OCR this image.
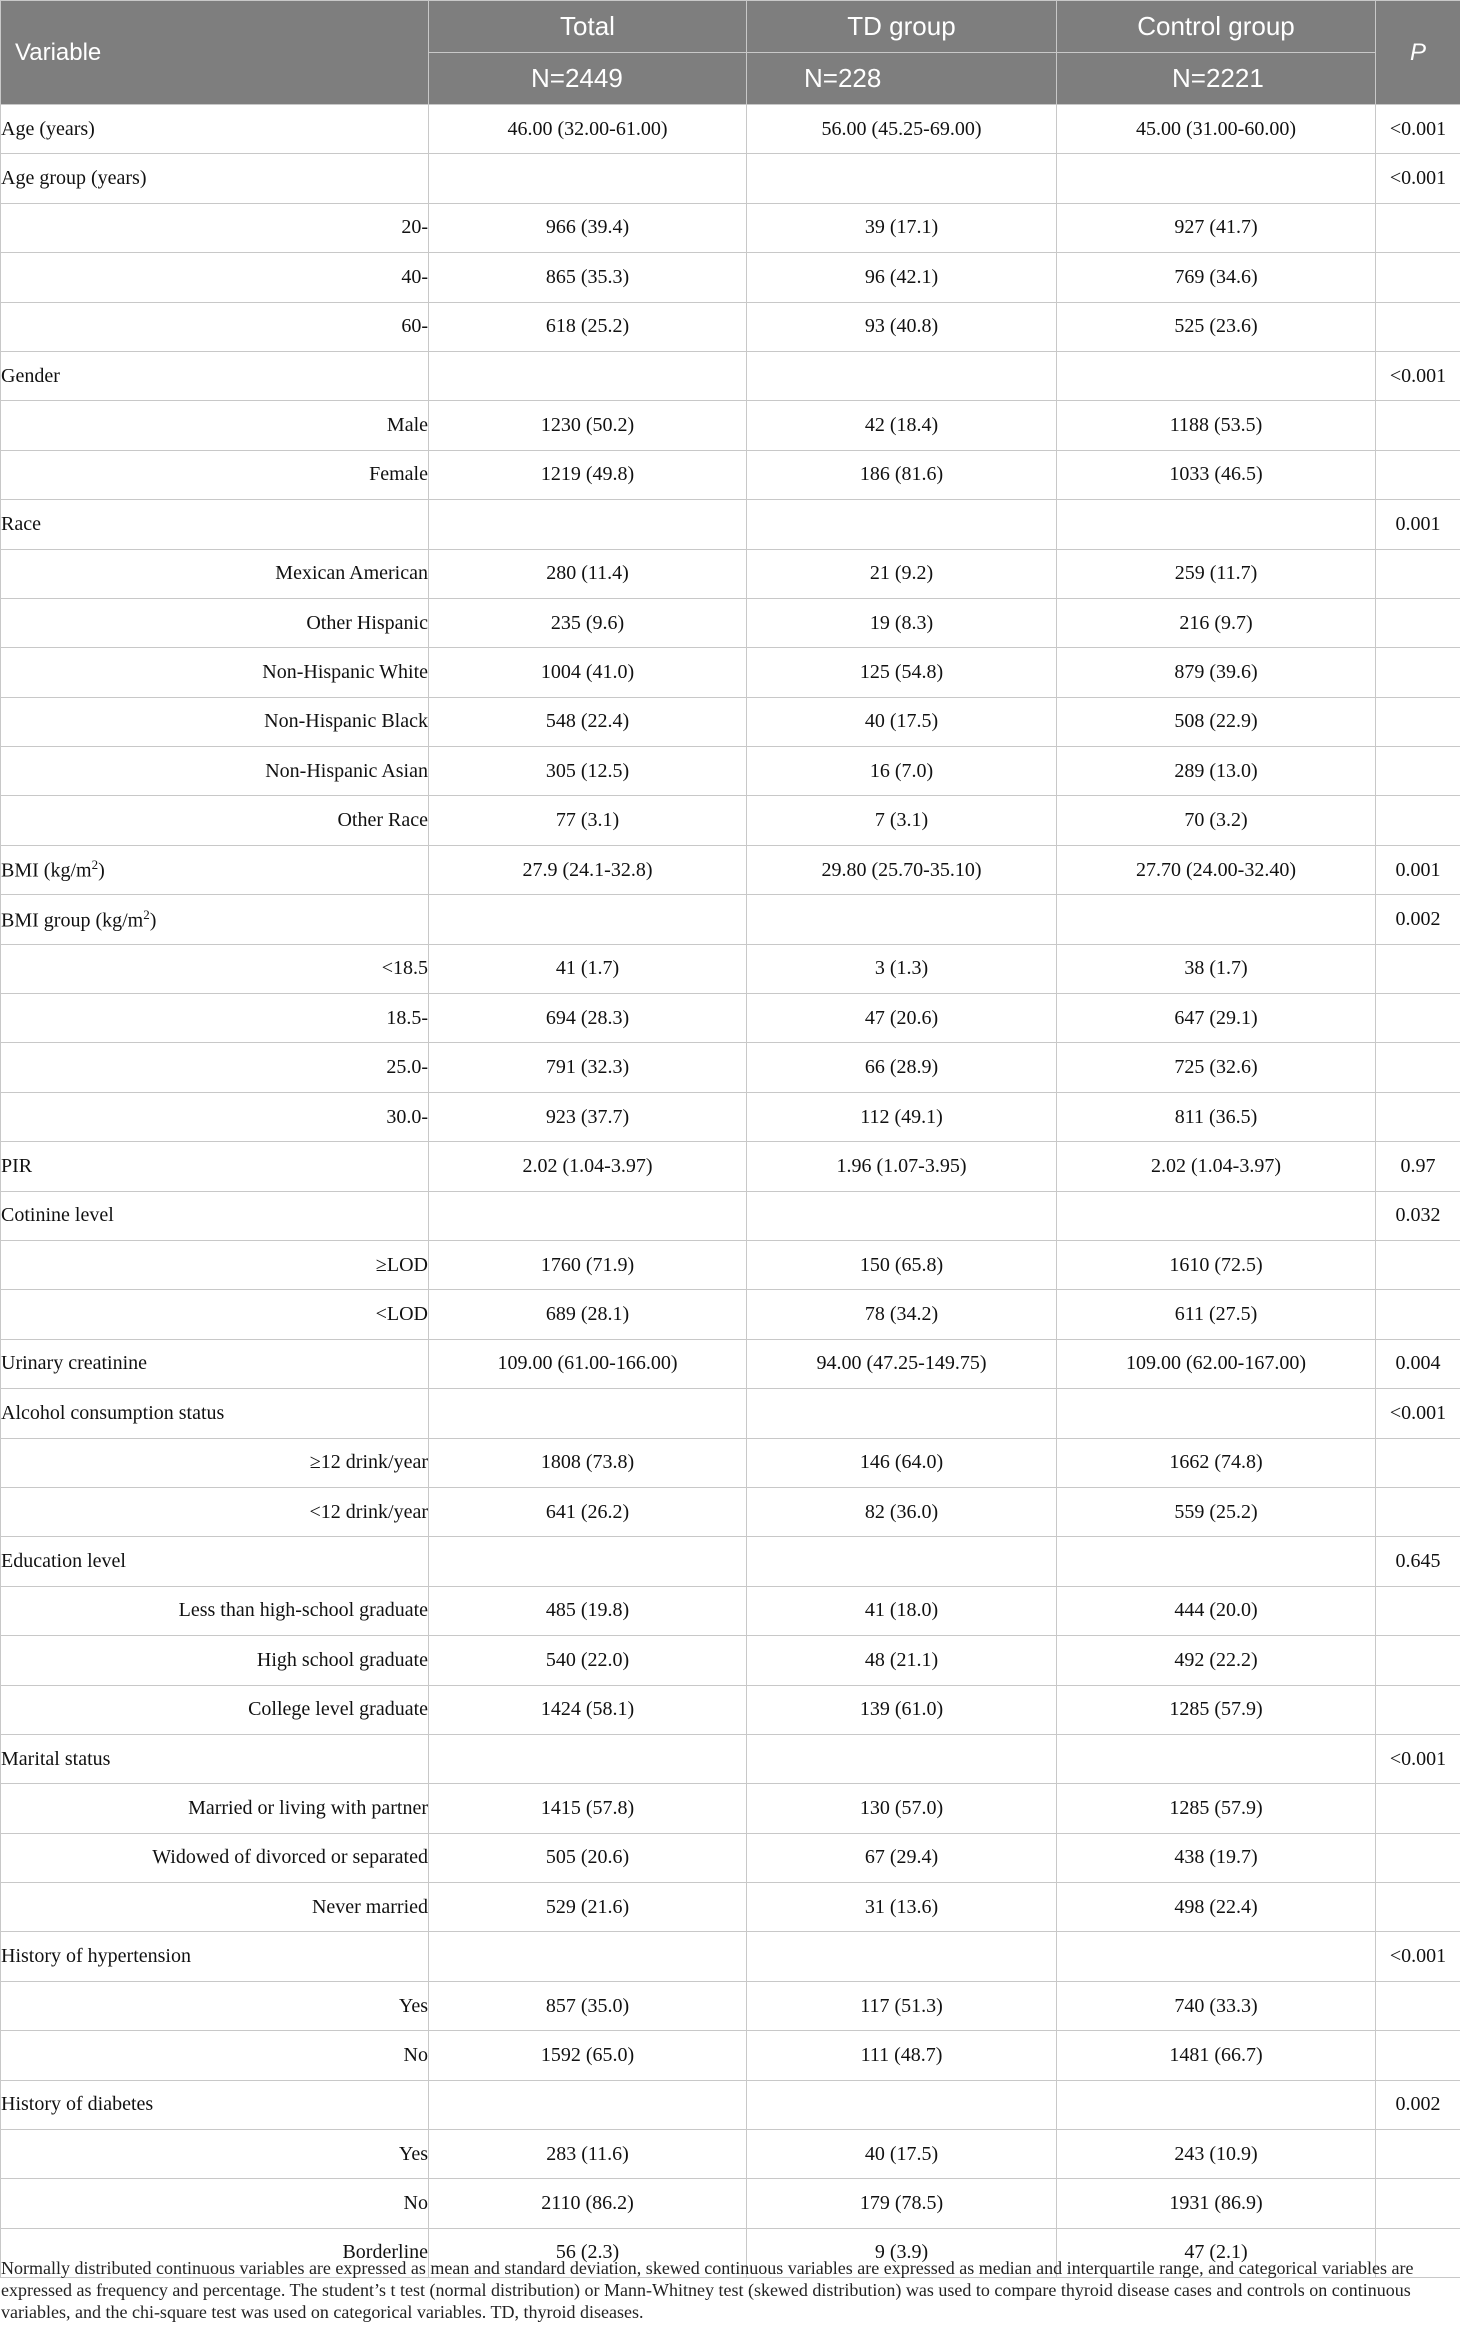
Variable	Total	TD group	Control group	P
	N=2449	N=228	N=2221	
Age (years)	46.00 (32.00-61.00)	56.00 (45.25-69.00)	45.00 (31.00-60.00)	<0.001
Age group (years)				<0.001
20-	966 (39.4)	39 (17.1)	927 (41.7)	
40-	865 (35.3)	96 (42.1)	769 (34.6)	
60-	618 (25.2)	93 (40.8)	525 (23.6)	
Gender				<0.001
Male	1230 (50.2)	42 (18.4)	1188 (53.5)	
Female	1219 (49.8)	186 (81.6)	1033 (46.5)	
Race				0.001
Mexican American	280 (11.4)	21 (9.2)	259 (11.7)	
Other Hispanic	235 (9.6)	19 (8.3)	216 (9.7)	
Non-Hispanic White	1004 (41.0)	125 (54.8)	879 (39.6)	
Non-Hispanic Black	548 (22.4)	40 (17.5)	508 (22.9)	
Non-Hispanic Asian	305 (12.5)	16 (7.0)	289 (13.0)	
Other Race	77 (3.1)	7 (3.1)	70 (3.2)	
BMI $(kg/m^2)$	27.9 (24.1-32.8)	29.80 (25.70-35.10)	27.70 (24.00-32.40)	0.001
BMI group $(kg/m^2)$				0.002
<18.5	41 (1.7)	3 (1.3)	38 (1.7)	
18.5-	694 (28.3)	47 (20.6)	647 (29.1)	
25.0-	791 (32.3)	66 (28.9)	725 (32.6)	
30.0-	923 (37.7)	112 (49.1)	811 (36.5)	
PIR	2.02 (1.04-3.97)	1.96 (1.07-3.95)	2.02 (1.04-3.97)	0.97
Cotinine level				0.032
≥LOD	1760 (71.9)	150 (65.8)	1610 (72.5)	
<LOD	689 (28.1)	78 (34.2)	611 (27.5)	
Urinary creatinine	109.00 (61.00-166.00)	94.00 (47.25-149.75)	109.00 (62.00-167.00)	0.004
Alcohol consumption status				<0.001
≥12 drink/year	1808 (73.8)	146 (64.0)	1662 (74.8)	
<12 drink/year	641 (26.2)	82 (36.0)	559 (25.2)	
Education level				0.645
Less than high-school graduate	485 (19.8)	41 (18.0)	444 (20.0)	
High school graduate	540 (22.0)	48 (21.1)	492 (22.2)	
College level graduate	1424 (58.1)	139 (61.0)	1285 (57.9)	
Marital status				<0.001
Married or living with partner	1415 (57.8)	130 (57.0)	1285 (57.9)	
Widowed of divorced or separated	505 (20.6)	67 (29.4)	438 (19.7)	
Never married	529 (21.6)	31 (13.6)	498 (22.4)	
History of hypertension				<0.001
Yes	857 (35.0)	117 (51.3)	740 (33.3)	
No	1592 (65.0)	111 (48.7)	1481 (66.7)	
History of diabetes				0.002
Yes	283 (11.6)	40 (17.5)	243 (10.9)	
No	2110 (86.2)	179 (78.5)	1931 (86.9)	
Borderline	56 (2.3)	9 (3.9)	47 (2.1)	

Normally distributed continuous variables are expressed as mean and standard deviation, skewed continuous variables are expressed as median and interquartile range, and categorical variables are expressed as frequency and percentage. The student’s t test (normal distribution) or Mann-Whitney test (skewed distribution) was used to compare thyroid disease cases and controls on continuous variables, and the chi-square test was used on categorical variables. TD, thyroid diseases.
